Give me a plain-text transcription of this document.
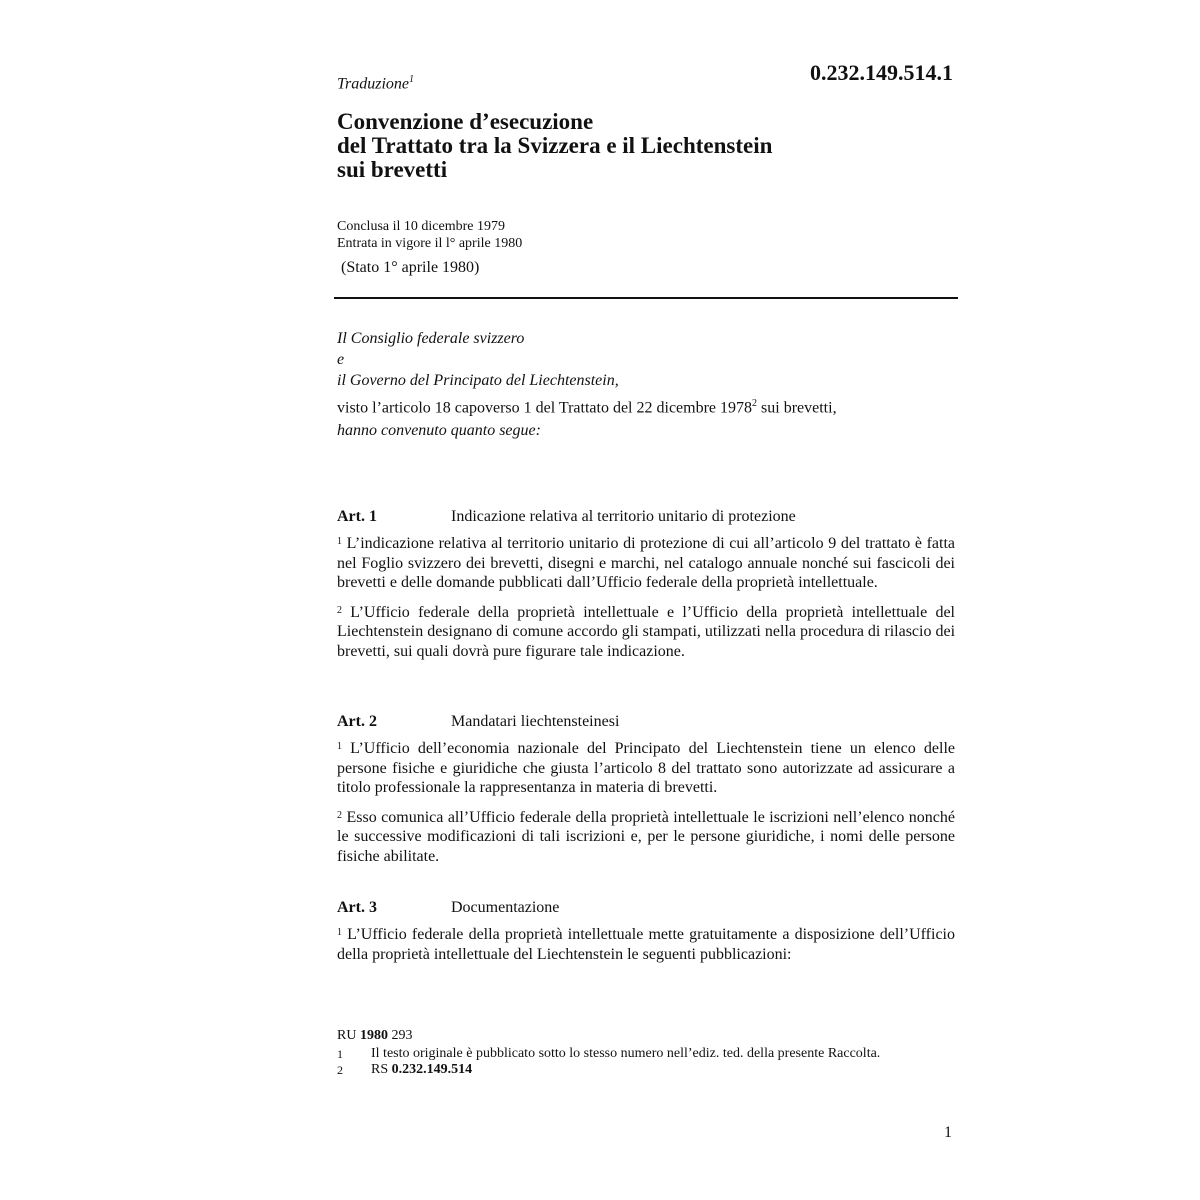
Traduzione$^1$	0.232.149.514.1
Convenzione d’esecuzione
del Trattato tra la Svizzera e il Liechtenstein
sui brevetti
Conclusa il 10 dicembre 1979
Entrata in vigore il l° aprile 1980
(Stato 1° aprile 1980)
Il Consiglio federale svizzero
e
il Governo del Principato del Liechtenstein,
visto l’articolo 18 capoverso 1 del Trattato del 22 dicembre 1978$^2$ sui brevetti,
hanno convenuto quanto segue:
Art. 1	Indicazione relativa al territorio unitario di protezione
$^1$ L’indicazione relativa al territorio unitario di protezione di cui all’articolo 9 del trattato è fatta nel Foglio svizzero dei brevetti, disegni e marchi, nel catalogo annuale nonché sui fascicoli dei brevetti e delle domande pubblicati dall’Ufficio federale della proprietà intellettuale.
$^2$ L’Ufficio federale della proprietà intellettuale e l’Ufficio della proprietà intellettuale del Liechtenstein designano di comune accordo gli stampati, utilizzati nella procedura di rilascio dei brevetti, sui quali dovrà pure figurare tale indicazione.
Art. 2	Mandatari liechtensteinesi
$^1$ L’Ufficio dell’economia nazionale del Principato del Liechtenstein tiene un elenco delle persone fisiche e giuridiche che giusta l’articolo 8 del trattato sono autorizzate ad assicurare a titolo professionale la rappresentanza in materia di brevetti.
$^2$ Esso comunica all’Ufficio federale della proprietà intellettuale le iscrizioni nell’elenco nonché le successive modificazioni di tali iscrizioni e, per le persone giuridiche, i nomi delle persone fisiche abilitate.
Art. 3	Documentazione
$^1$ L’Ufficio federale della proprietà intellettuale mette gratuitamente a disposizione dell’Ufficio della proprietà intellettuale del Liechtenstein le seguenti pubblicazioni:
RU 1980 293
1	Il testo originale è pubblicato sotto lo stesso numero nell’ediz. ted. della presente Raccolta.
2	RS 0.232.149.514
1
